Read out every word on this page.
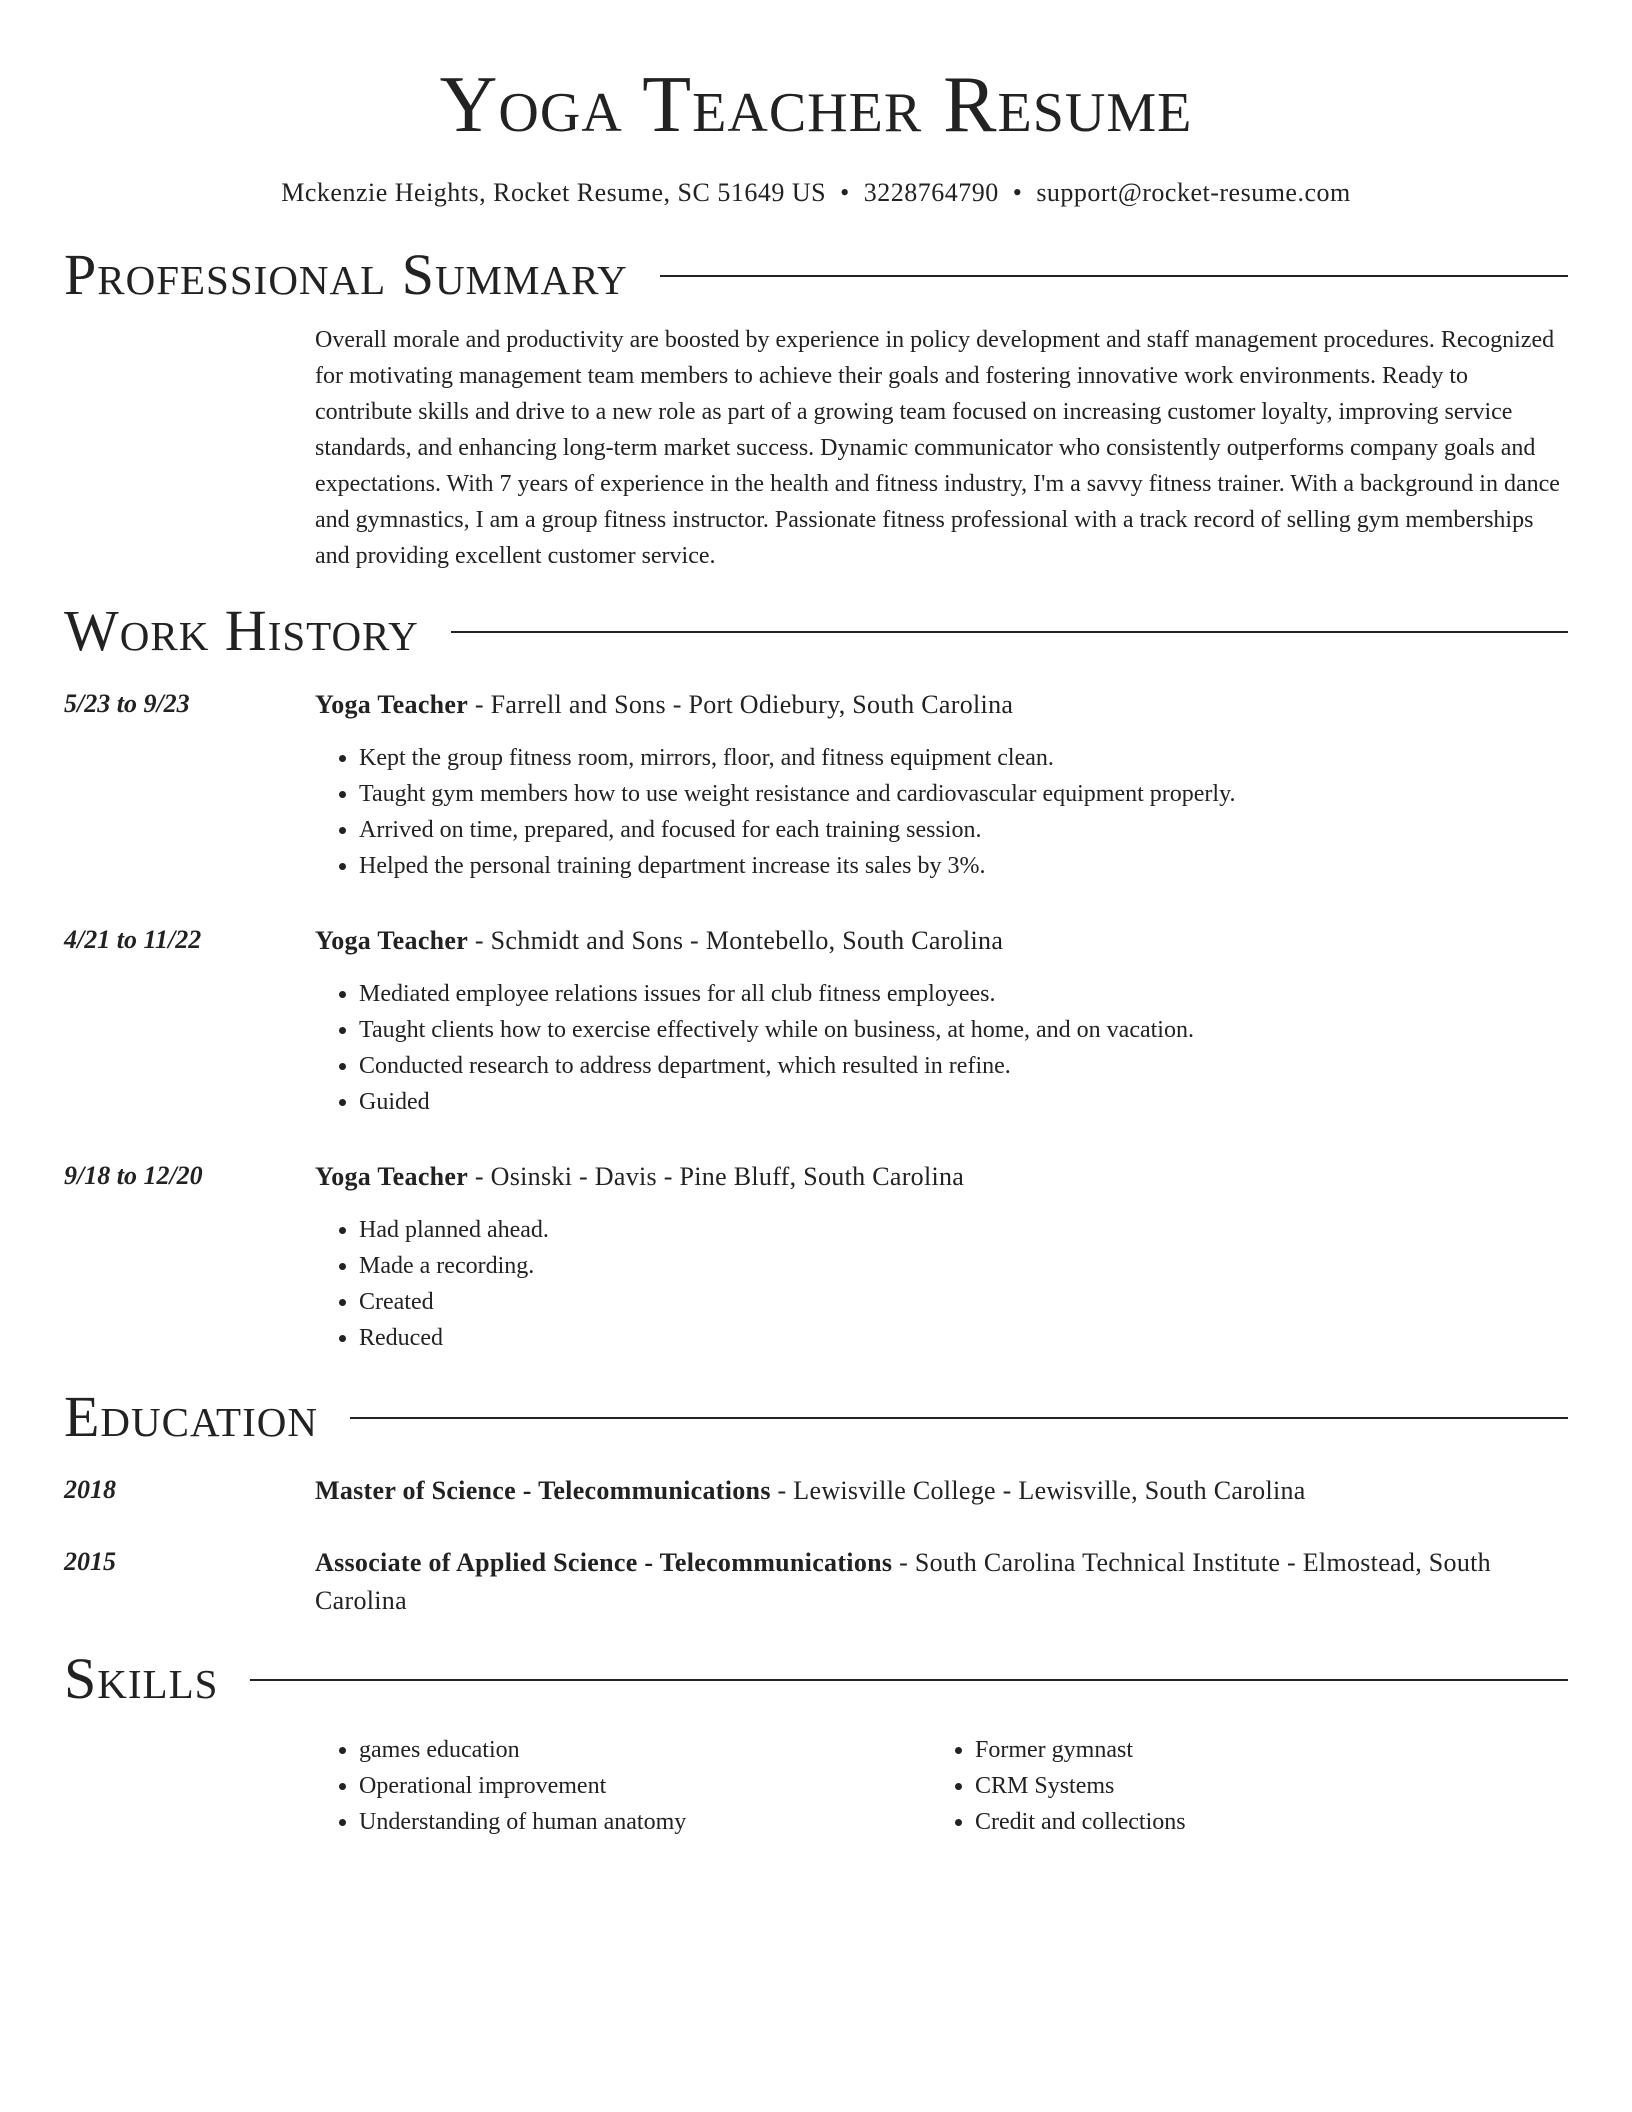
Yoga Teacher Resume
Mckenzie Heights, Rocket Resume, SC 51649 US • 3228764790 • support@rocket-resume.com
Professional Summary
Overall morale and productivity are boosted by experience in policy development and staff management procedures. Recognized for motivating management team members to achieve their goals and fostering innovative work environments. Ready to contribute skills and drive to a new role as part of a growing team focused on increasing customer loyalty, improving service standards, and enhancing long-term market success. Dynamic communicator who consistently outperforms company goals and expectations. With 7 years of experience in the health and fitness industry, I'm a savvy fitness trainer. With a background in dance and gymnastics, I am a group fitness instructor. Passionate fitness professional with a track record of selling gym memberships and providing excellent customer service.
Work History
5/23 to 9/23	Yoga Teacher - Farrell and Sons - Port Odiebury, South Carolina
• Kept the group fitness room, mirrors, floor, and fitness equipment clean.
• Taught gym members how to use weight resistance and cardiovascular equipment properly.
• Arrived on time, prepared, and focused for each training session.
• Helped the personal training department increase its sales by 3%.
4/21 to 11/22	Yoga Teacher - Schmidt and Sons - Montebello, South Carolina
• Mediated employee relations issues for all club fitness employees.
• Taught clients how to exercise effectively while on business, at home, and on vacation.
• Conducted research to address department, which resulted in refine.
• Guided
9/18 to 12/20	Yoga Teacher - Osinski - Davis - Pine Bluff, South Carolina
• Had planned ahead.
• Made a recording.
• Created
• Reduced
Education
2018	Master of Science - Telecommunications - Lewisville College - Lewisville, South Carolina
2015	Associate of Applied Science - Telecommunications - South Carolina Technical Institute - Elmostead, South Carolina
Skills
• games education
• Operational improvement
• Understanding of human anatomy
• Former gymnast
• CRM Systems
• Credit and collections
